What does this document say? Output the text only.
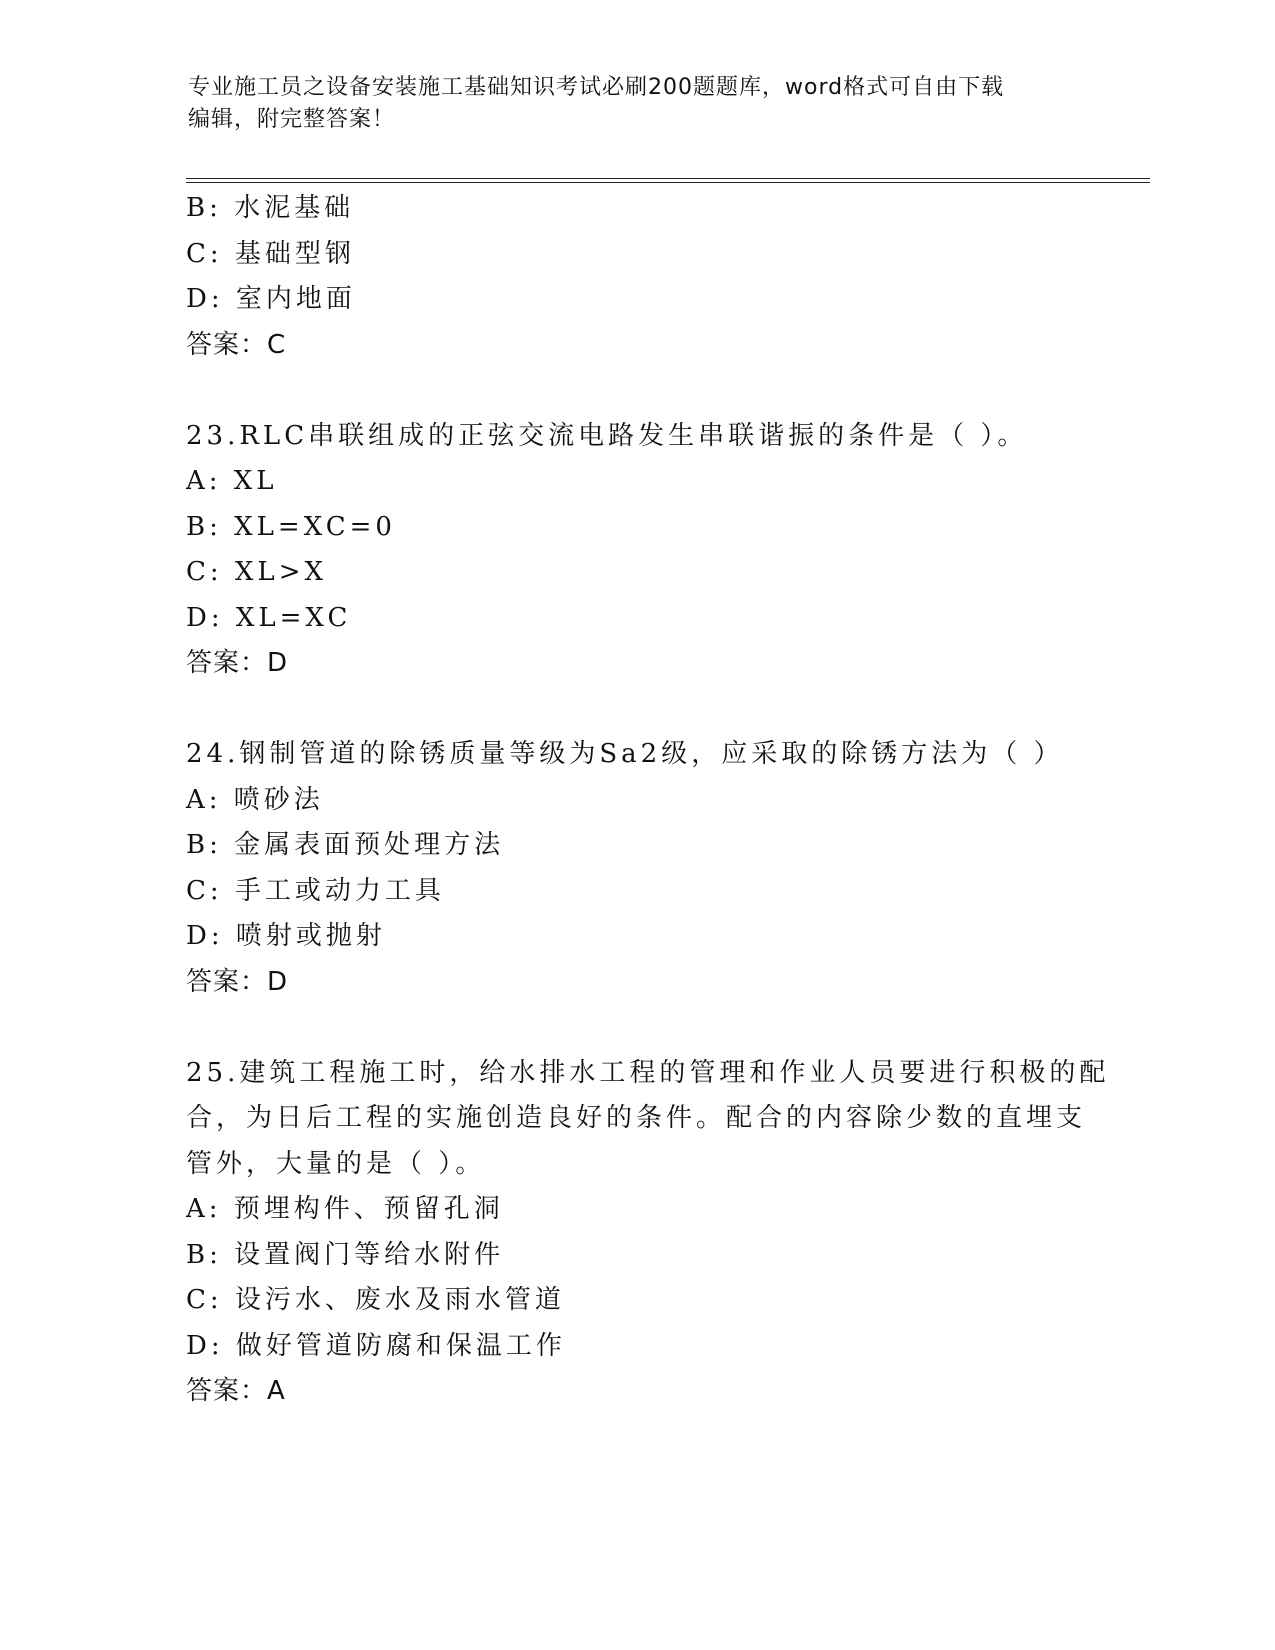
专业施工员之设备安装施工基础知识考试必刷200题题库，word格式可自由下载

编辑，附完整答案！
B: 水泥基础
C: 基础型钢
D: 室内地面
答案：C
23.RLC串联组成的正弦交流电路发生串联谐振的条件是（ ）。
A: XL
B: XL=XC=0
C: XL>X
D: XL=XC
答案：D
24.钢制管道的除锈质量等级为Sa2级，应采取的除锈方法为（ ）
A: 喷砂法
B: 金属表面预处理方法
C: 手工或动力工具
D: 喷射或抛射
答案：D
25.建筑工程施工时，给水排水工程的管理和作业人员要进行积极的配
合，为日后工程的实施创造良好的条件。配合的内容除少数的直埋支
管外，大量的是（ ）。
A: 预埋构件、预留孔洞
B: 设置阀门等给水附件
C: 设污水、废水及雨水管道
D: 做好管道防腐和保温工作
答案：A
